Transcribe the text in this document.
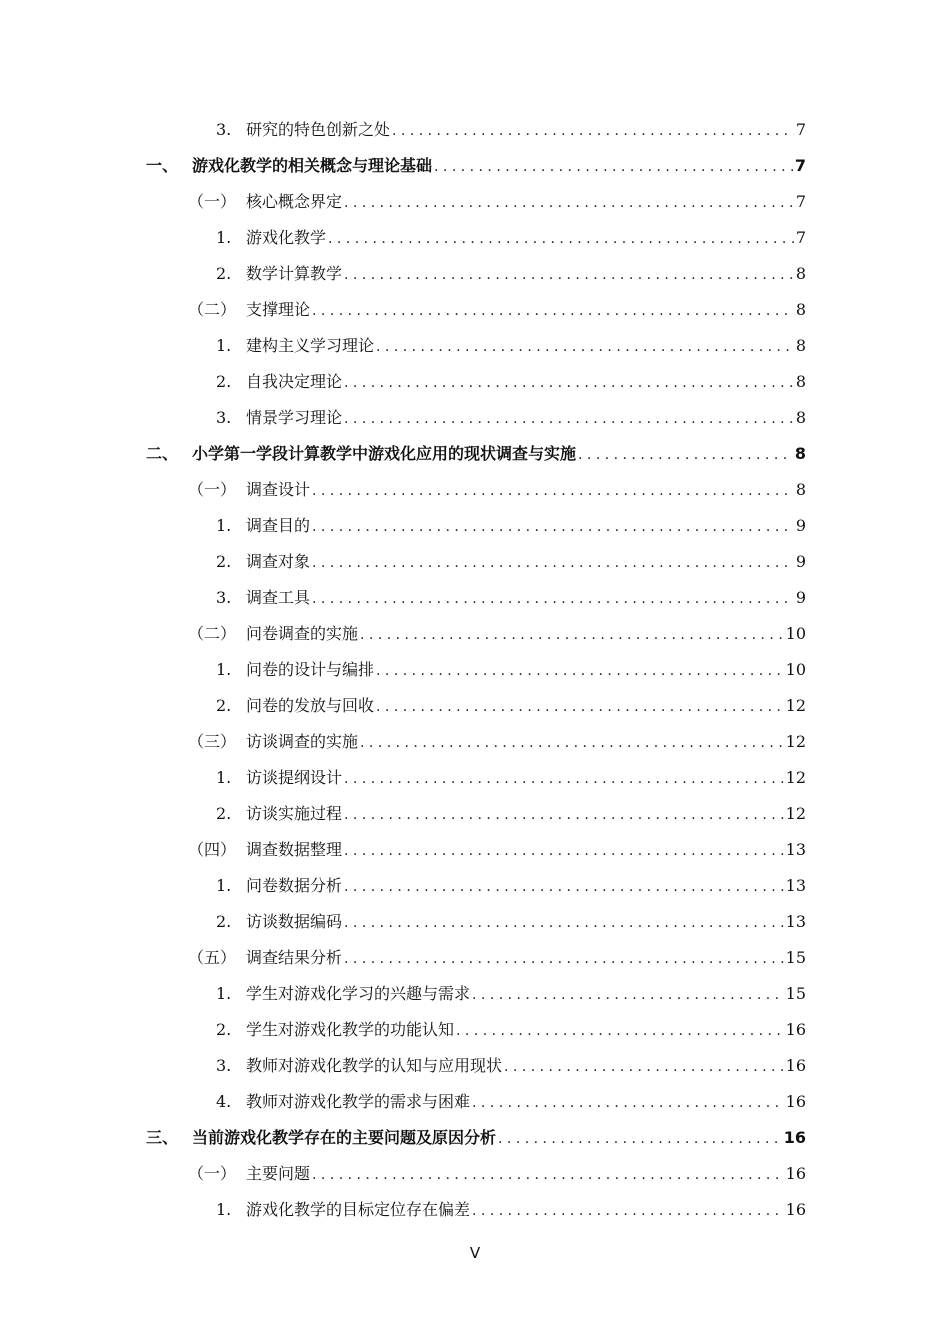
3. 研究的特色创新之处 . . .	7
一、 游戏化教学的相关概念与理论基础 . . .	7
（一） 核心概念界定 . . .	7
1. 游戏化教学 . . .	7
2. 数学计算教学 . . .	8
（二） 支撑理论 . . .	8
1. 建构主义学习理论 . . .	8
2. 自我决定理论 . . .	8
3. 情景学习理论 . . .	8
二、 小学第一学段计算教学中游戏化应用的现状调查与实施 . . .	8
（一） 调查设计 . . .	8
1. 调查目的 . . .	9
2. 调查对象 . . .	9
3. 调查工具 . . .	9
（二） 问卷调查的实施 . . .	10
1. 问卷的设计与编排 . . .	10
2. 问卷的发放与回收 . . .	12
（三） 访谈调查的实施 . . .	12
1. 访谈提纲设计 . . .	12
2. 访谈实施过程 . . .	12
（四） 调查数据整理 . . .	13
1. 问卷数据分析 . . .	13
2. 访谈数据编码 . . .	13
（五） 调查结果分析 . . .	15
1. 学生对游戏化学习的兴趣与需求 . . .	15
2. 学生对游戏化教学的功能认知 . . .	16
3. 教师对游戏化教学的认知与应用现状 . . .	16
4. 教师对游戏化教学的需求与困难 . . .	16
三、 当前游戏化教学存在的主要问题及原因分析 . . .	16
（一） 主要问题 . . .	16
1. 游戏化教学的目标定位存在偏差 . . .	16
V
